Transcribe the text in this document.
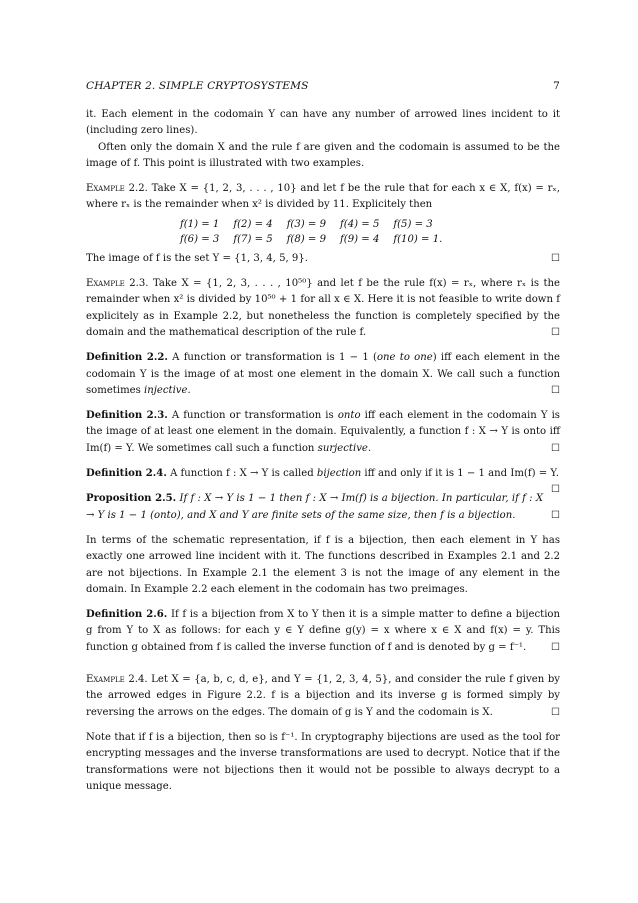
CHAPTER 2. SIMPLE CRYPTOSYSTEMS	7

it. Each element in the codomain Y can have any number of arrowed lines incident to it (including zero lines).

Often only the domain X and the rule f are given and the codomain is assumed to be the image of f. This point is illustrated with two examples.

Example 2.2. Take X = {1, 2, 3, . . . , 10} and let f be the rule that for each x ∈ X, f(x) = rₓ, where rₓ is the remainder when x² is divided by 11. Explicitely then

f(1) = 1	f(2) = 4	f(3) = 9	f(4) = 5	f(5) = 3
f(6) = 3	f(7) = 5	f(8) = 9	f(9) = 4	f(10) = 1.

The image of f is the set Y = {1, 3, 4, 5, 9}.	☐

Example 2.3. Take X = {1, 2, 3, . . . , 10⁵⁰} and let f be the rule f(x) = rₓ, where rₓ is the remainder when x² is divided by 10⁵⁰ + 1 for all x ∈ X. Here it is not feasible to write down f explicitely as in Example 2.2, but nonetheless the function is completely specified by the domain and the mathematical description of the rule f.	☐

Definition 2.2. A function or transformation is 1 − 1 (one to one) iff each element in the codomain Y is the image of at most one element in the domain X. We call such a function sometimes injective.	☐

Definition 2.3. A function or transformation is onto iff each element in the codomain Y is the image of at least one element in the domain. Equivalently, a function f : X → Y is onto iff Im(f) = Y. We sometimes call such a function surjective.	☐

Definition 2.4. A function f : X → Y is called bijection iff and only if it is 1 − 1 and Im(f) = Y.
☐

Proposition 2.5. If f : X → Y is 1 − 1 then f : X → Im(f) is a bijection. In particular, if f : X → Y is 1 − 1 (onto), and X and Y are finite sets of the same size, then f is a bijection.	☐

In terms of the schematic representation, if f is a bijection, then each element in Y has exactly one arrowed line incident with it. The functions described in Examples 2.1 and 2.2 are not bijections. In Example 2.1 the element 3 is not the image of any element in the domain. In Example 2.2 each element in the codomain has two preimages.

Definition 2.6. If f is a bijection from X to Y then it is a simple matter to define a bijection g from Y to X as follows: for each y ∈ Y define g(y) = x where x ∈ X and f(x) = y. This function g obtained from f is called the inverse function of f and is denoted by g = f⁻¹. ☐

Example 2.4. Let X = {a, b, c, d, e}, and Y = {1, 2, 3, 4, 5}, and consider the rule f given by the arrowed edges in Figure 2.2. f is a bijection and its inverse g is formed simply by reversing the arrows on the edges. The domain of g is Y and the codomain is X.	☐

Note that if f is a bijection, then so is f⁻¹. In cryptography bijections are used as the tool for encrypting messages and the inverse transformations are used to decrypt. Notice that if the transformations were not bijections then it would not be possible to always decrypt to a unique message.
